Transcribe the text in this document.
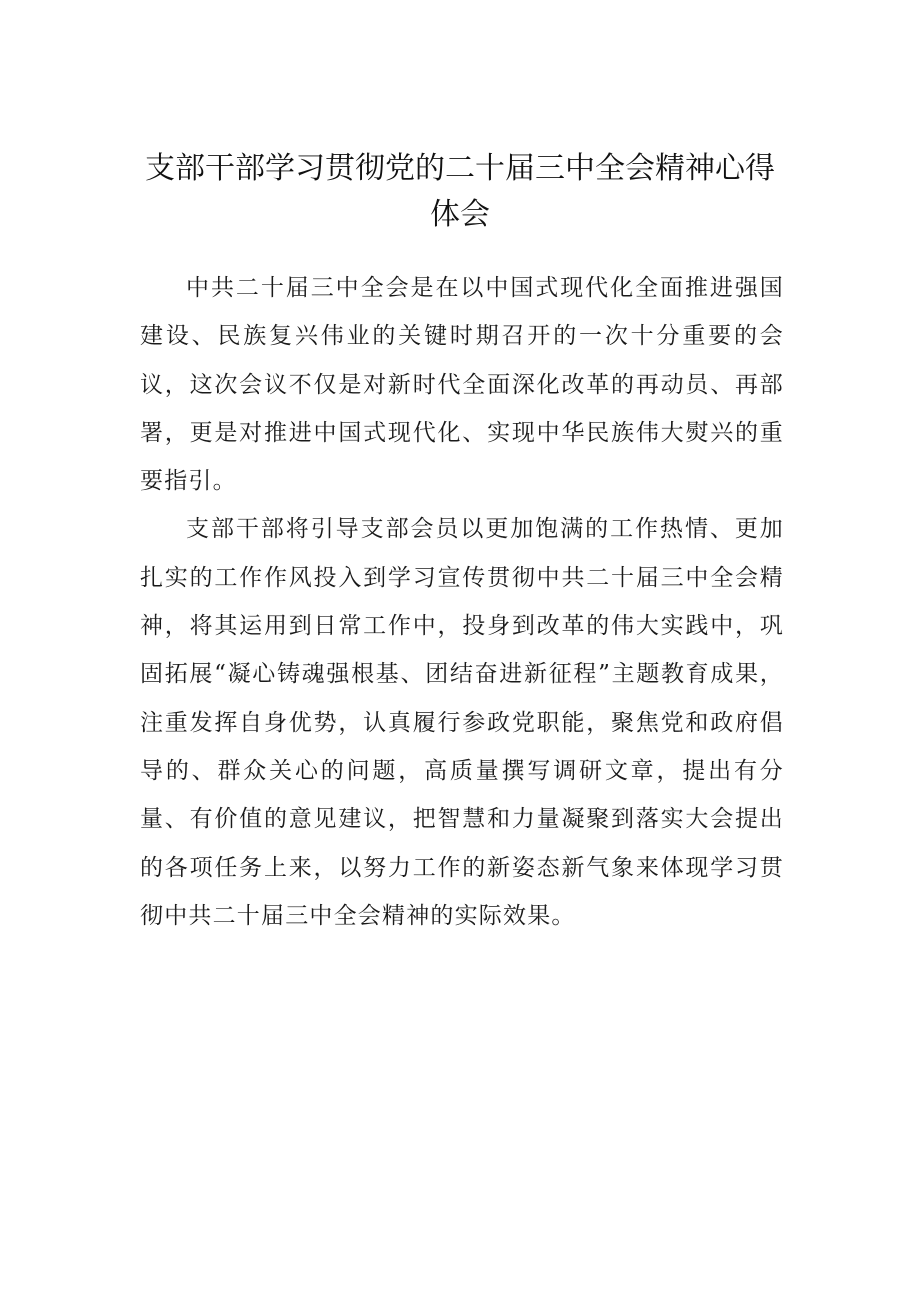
支部干部学习贯彻党的二十届三中全会精神心得体会

中共二十届三中全会是在以中国式现代化全面推进强国建设、民族复兴伟业的关键时期召开的一次十分重要的会议，这次会议不仅是对新时代全面深化改革的再动员、再部署，更是对推进中国式现代化、实现中华民族伟大熨兴的重要指引。

支部干部将引导支部会员以更加饱满的工作热情、更加扎实的工作作风投入到学习宣传贯彻中共二十届三中全会精神，将其运用到日常工作中，投身到改革的伟大实践中，巩固拓展“凝心铸魂强根基、团结奋进新征程”主题教育成果，注重发挥自身优势，认真履行参政党职能，聚焦党和政府倡导的、群众关心的问题，高质量撰写调研文章，提出有分量、有价值的意见建议，把智慧和力量凝聚到落实大会提出的各项任务上来，以努力工作的新姿态新气象来体现学习贯彻中共二十届三中全会精神的实际效果。
